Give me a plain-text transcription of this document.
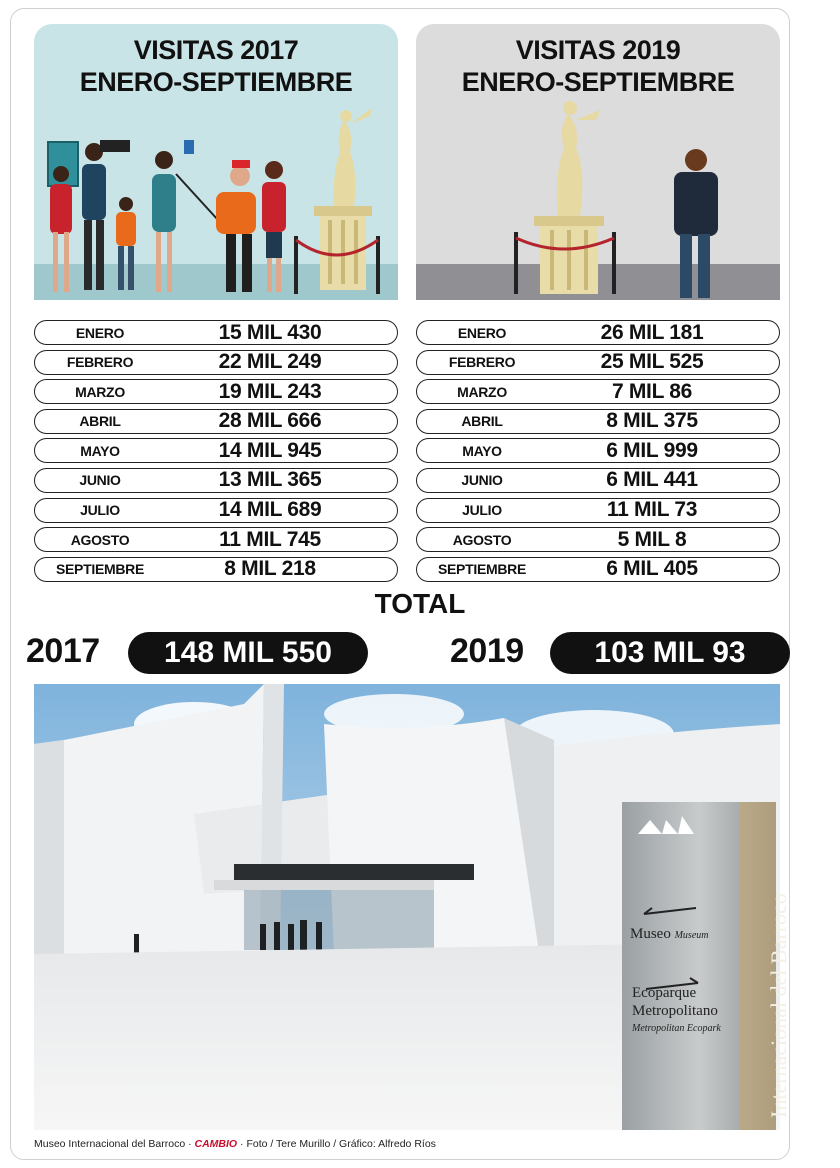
VISITAS 2017
ENERO-SEPTIEMBRE
VISITAS 2019
ENERO-SEPTIEMBRE
ENERO	15 MIL 430
FEBRERO	22 MIL 249
MARZO	19 MIL 243
ABRIL	28 MIL 666
MAYO	14 MIL 945
JUNIO	13 MIL 365
JULIO	14 MIL 689
AGOSTO	11 MIL 745
SEPTIEMBRE	8 MIL 218
ENERO	26 MIL 181
FEBRERO	25 MIL 525
MARZO	7 MIL 86
ABRIL	8 MIL 375
MAYO	6 MIL 999
JUNIO	6 MIL 441
JULIO	11 MIL 73
AGOSTO	5 MIL 8
SEPTIEMBRE	6 MIL 405
TOTAL
2017	148 MIL 550	2019	103 MIL 93
Museo Museum
Ecoparque
Metropolitano
Metropolitan Ecopark Internacional del Barroco
Museo Internacional del Barroco · CAMBIO · Foto / Tere Murillo / Gráfico: Alfredo Ríos
